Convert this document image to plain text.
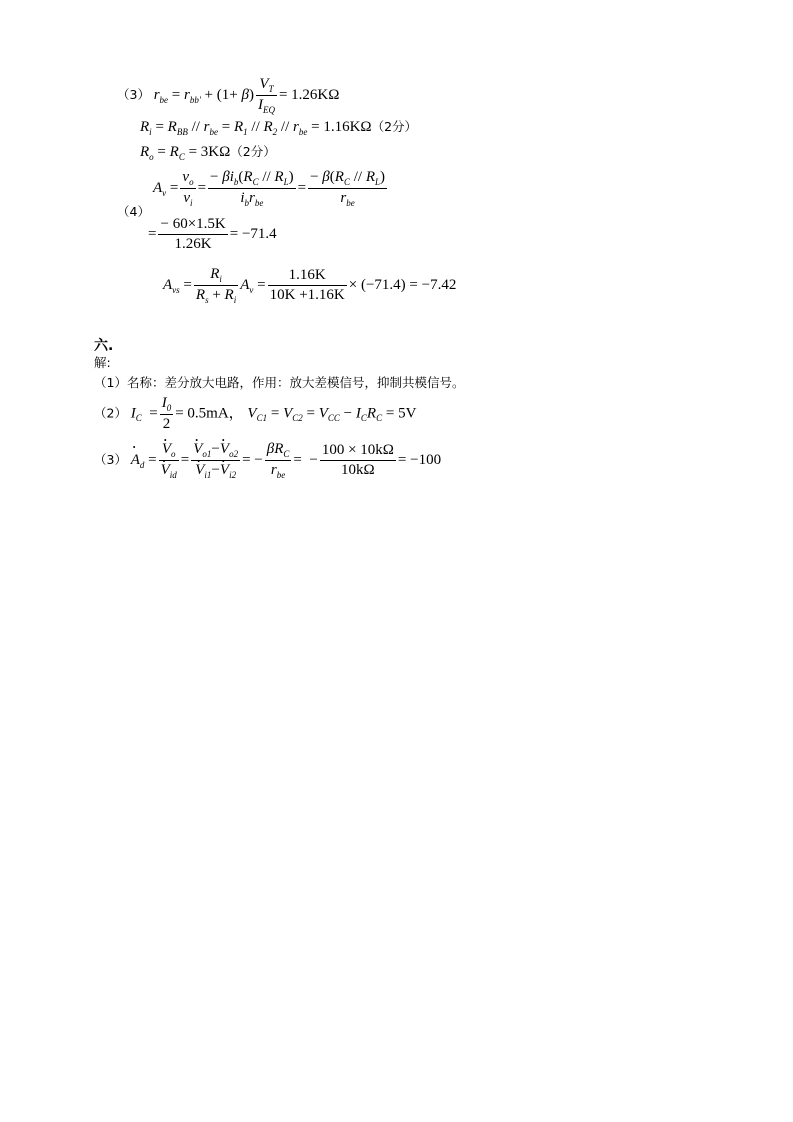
（3） $r_{be} = r_{bb'} + (1+ \beta) \frac{V_T}{I_{EQ}} = 1.26K\Omega$
$R_i = R_{BB} // r_{be} = R_1 // R_2 // r_{be} = 1.16K\Omega(2$分）
$R_o = R_C = 3K\Omega(2$分）
（4）
$A_v = \frac{v_o}{v_i} = \frac{- \beta i_b(R_C // R_L)}{i_br_{be}} = \frac{- \beta(R_C // R_L)}{r_{be}}$
= $\frac{- 60\times 1.5K}{1.26K} = -71.4$
$A_{vs} = \frac{R_i}{R_s + R_i} A_v = \frac{1.16K}{10K +1.16K} \times (-71.4) = -7.42$
六.
解:
（1）名称：差分放大电路，作用：放大差模信号，抑制共模信号。
（2） $I_C = \frac{I_0}{2} = 0.5mA$， $V_{C1} = V_{C2} = V_{CC} - I_CR_C = 5V$
（3） • $A_d$ = • $V_o$
• $V_{id}$ = • $V_{o1}-•$ $V_{o2}$
• $V_{i1}-•$ $V_{i2}$ = − $\frac{\beta R_C}{r_{be}}$ =  − $\frac{100 \times 10k\Omega}{10k\Omega} = -100$
